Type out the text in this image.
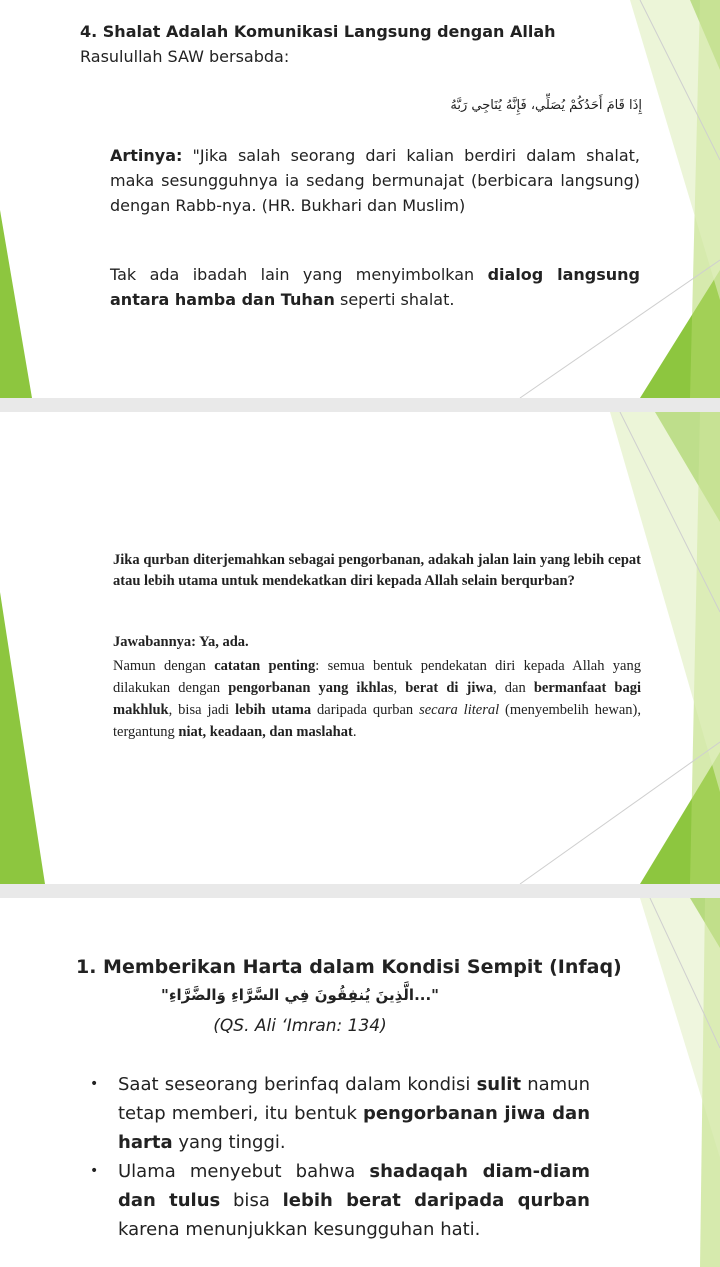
4. Shalat Adalah Komunikasi Langsung dengan Allah
Rasulullah SAW bersabda:
إِذَا قَامَ أَحَدُكُمْ يُصَلِّي، فَإِنَّهُ يُنَاجِي رَبَّهُ

Artinya: "Jika salah seorang dari kalian berdiri dalam shalat, maka sesungguhnya ia sedang bermunajat (berbicara langsung) dengan Rabb-nya. (HR. Bukhari dan Muslim)

Tak ada ibadah lain yang menyimbolkan dialog langsung antara hamba dan Tuhan seperti shalat.

Jika qurban diterjemahkan sebagai pengorbanan, adakah jalan lain yang lebih cepat atau lebih utama untuk mendekatkan diri kepada Allah selain berqurban?

Jawabannya: Ya, ada.

Namun dengan catatan penting: semua bentuk pendekatan diri kepada Allah yang dilakukan dengan pengorbanan yang ikhlas, berat di jiwa, dan bermanfaat bagi makhluk, bisa jadi lebih utama daripada qurban secara literal (menyembelih hewan), tergantung niat, keadaan, dan maslahat.

1. Memberikan Harta dalam Kondisi Sempit (Infaq)
"الَّذِينَ يُنفِقُونَ فِي السَّرَّاءِ وَالضَّرَّاءِ..."
(QS. Ali ‘Imran: 134)
• Saat seseorang berinfaq dalam kondisi sulit namun tetap memberi, itu bentuk pengorbanan jiwa dan harta yang tinggi.
• Ulama menyebut bahwa shadaqah diam-diam dan tulus bisa lebih berat daripada qurban karena menunjukkan kesungguhan hati.
